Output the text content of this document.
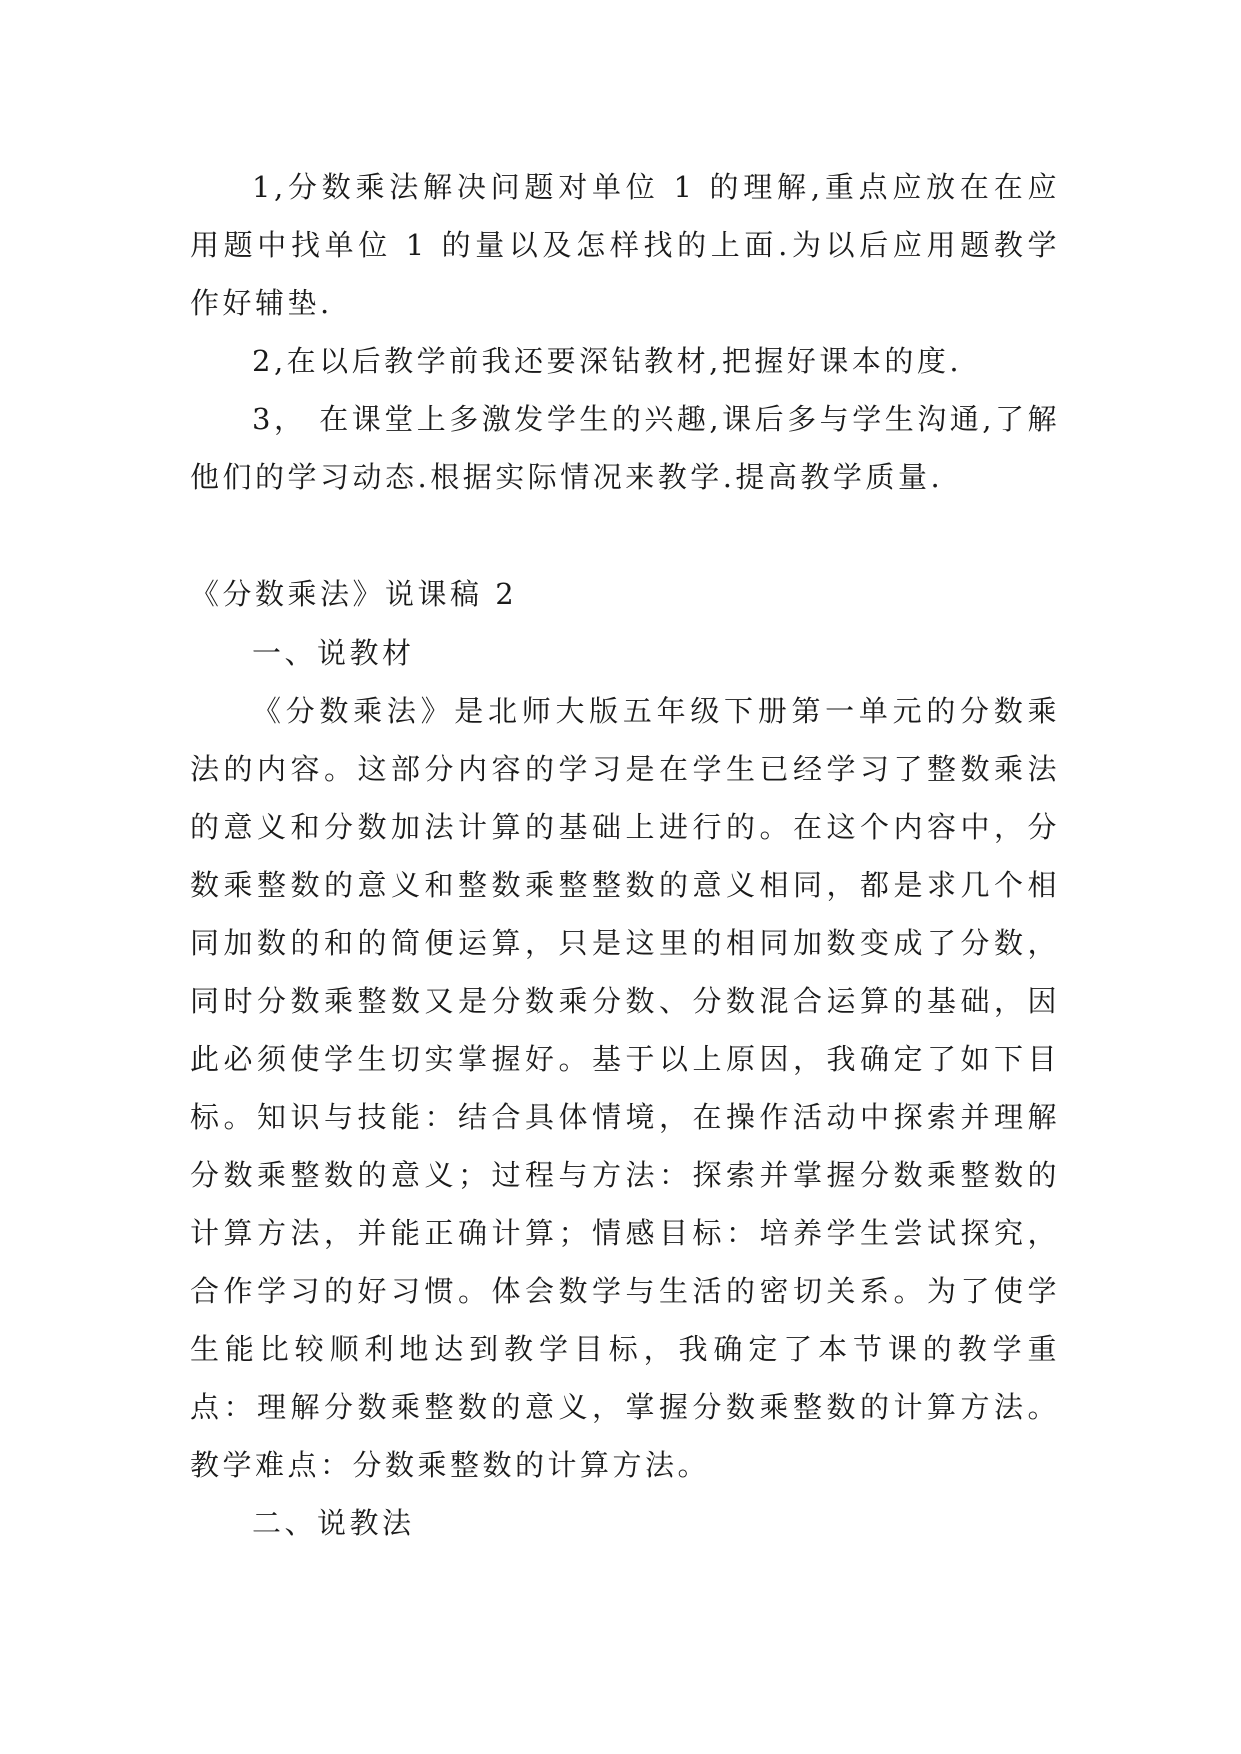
1,分数乘法解决问题对单位 1 的理解,重点应放在在应用题中找单位 1 的量以及怎样找的上面.为以后应用题教学作好辅垫.

2,在以后教学前我还要深钻教材,把握好课本的度.

3， 在课堂上多激发学生的兴趣,课后多与学生沟通,了解他们的学习动态.根据实际情况来教学.提高教学质量.

《分数乘法》说课稿 2

一、说教材

《分数乘法》是北师大版五年级下册第一单元的分数乘法的内容。这部分内容的学习是在学生已经学习了整数乘法的意义和分数加法计算的基础上进行的。在这个内容中，分数乘整数的意义和整数乘整整数的意义相同，都是求几个相同加数的和的简便运算，只是这里的相同加数变成了分数，同时分数乘整数又是分数乘分数、分数混合运算的基础，因此必须使学生切实掌握好。基于以上原因，我确定了如下目标。知识与技能：结合具体情境，在操作活动中探索并理解分数乘整数的意义；过程与方法：探索并掌握分数乘整数的计算方法，并能正确计算；情感目标：培养学生尝试探究，合作学习的好习惯。体会数学与生活的密切关系。为了使学生能比较顺利地达到教学目标，我确定了本节课的教学重点：理解分数乘整数的意义，掌握分数乘整数的计算方法。教学难点：分数乘整数的计算方法。

二、说教法
